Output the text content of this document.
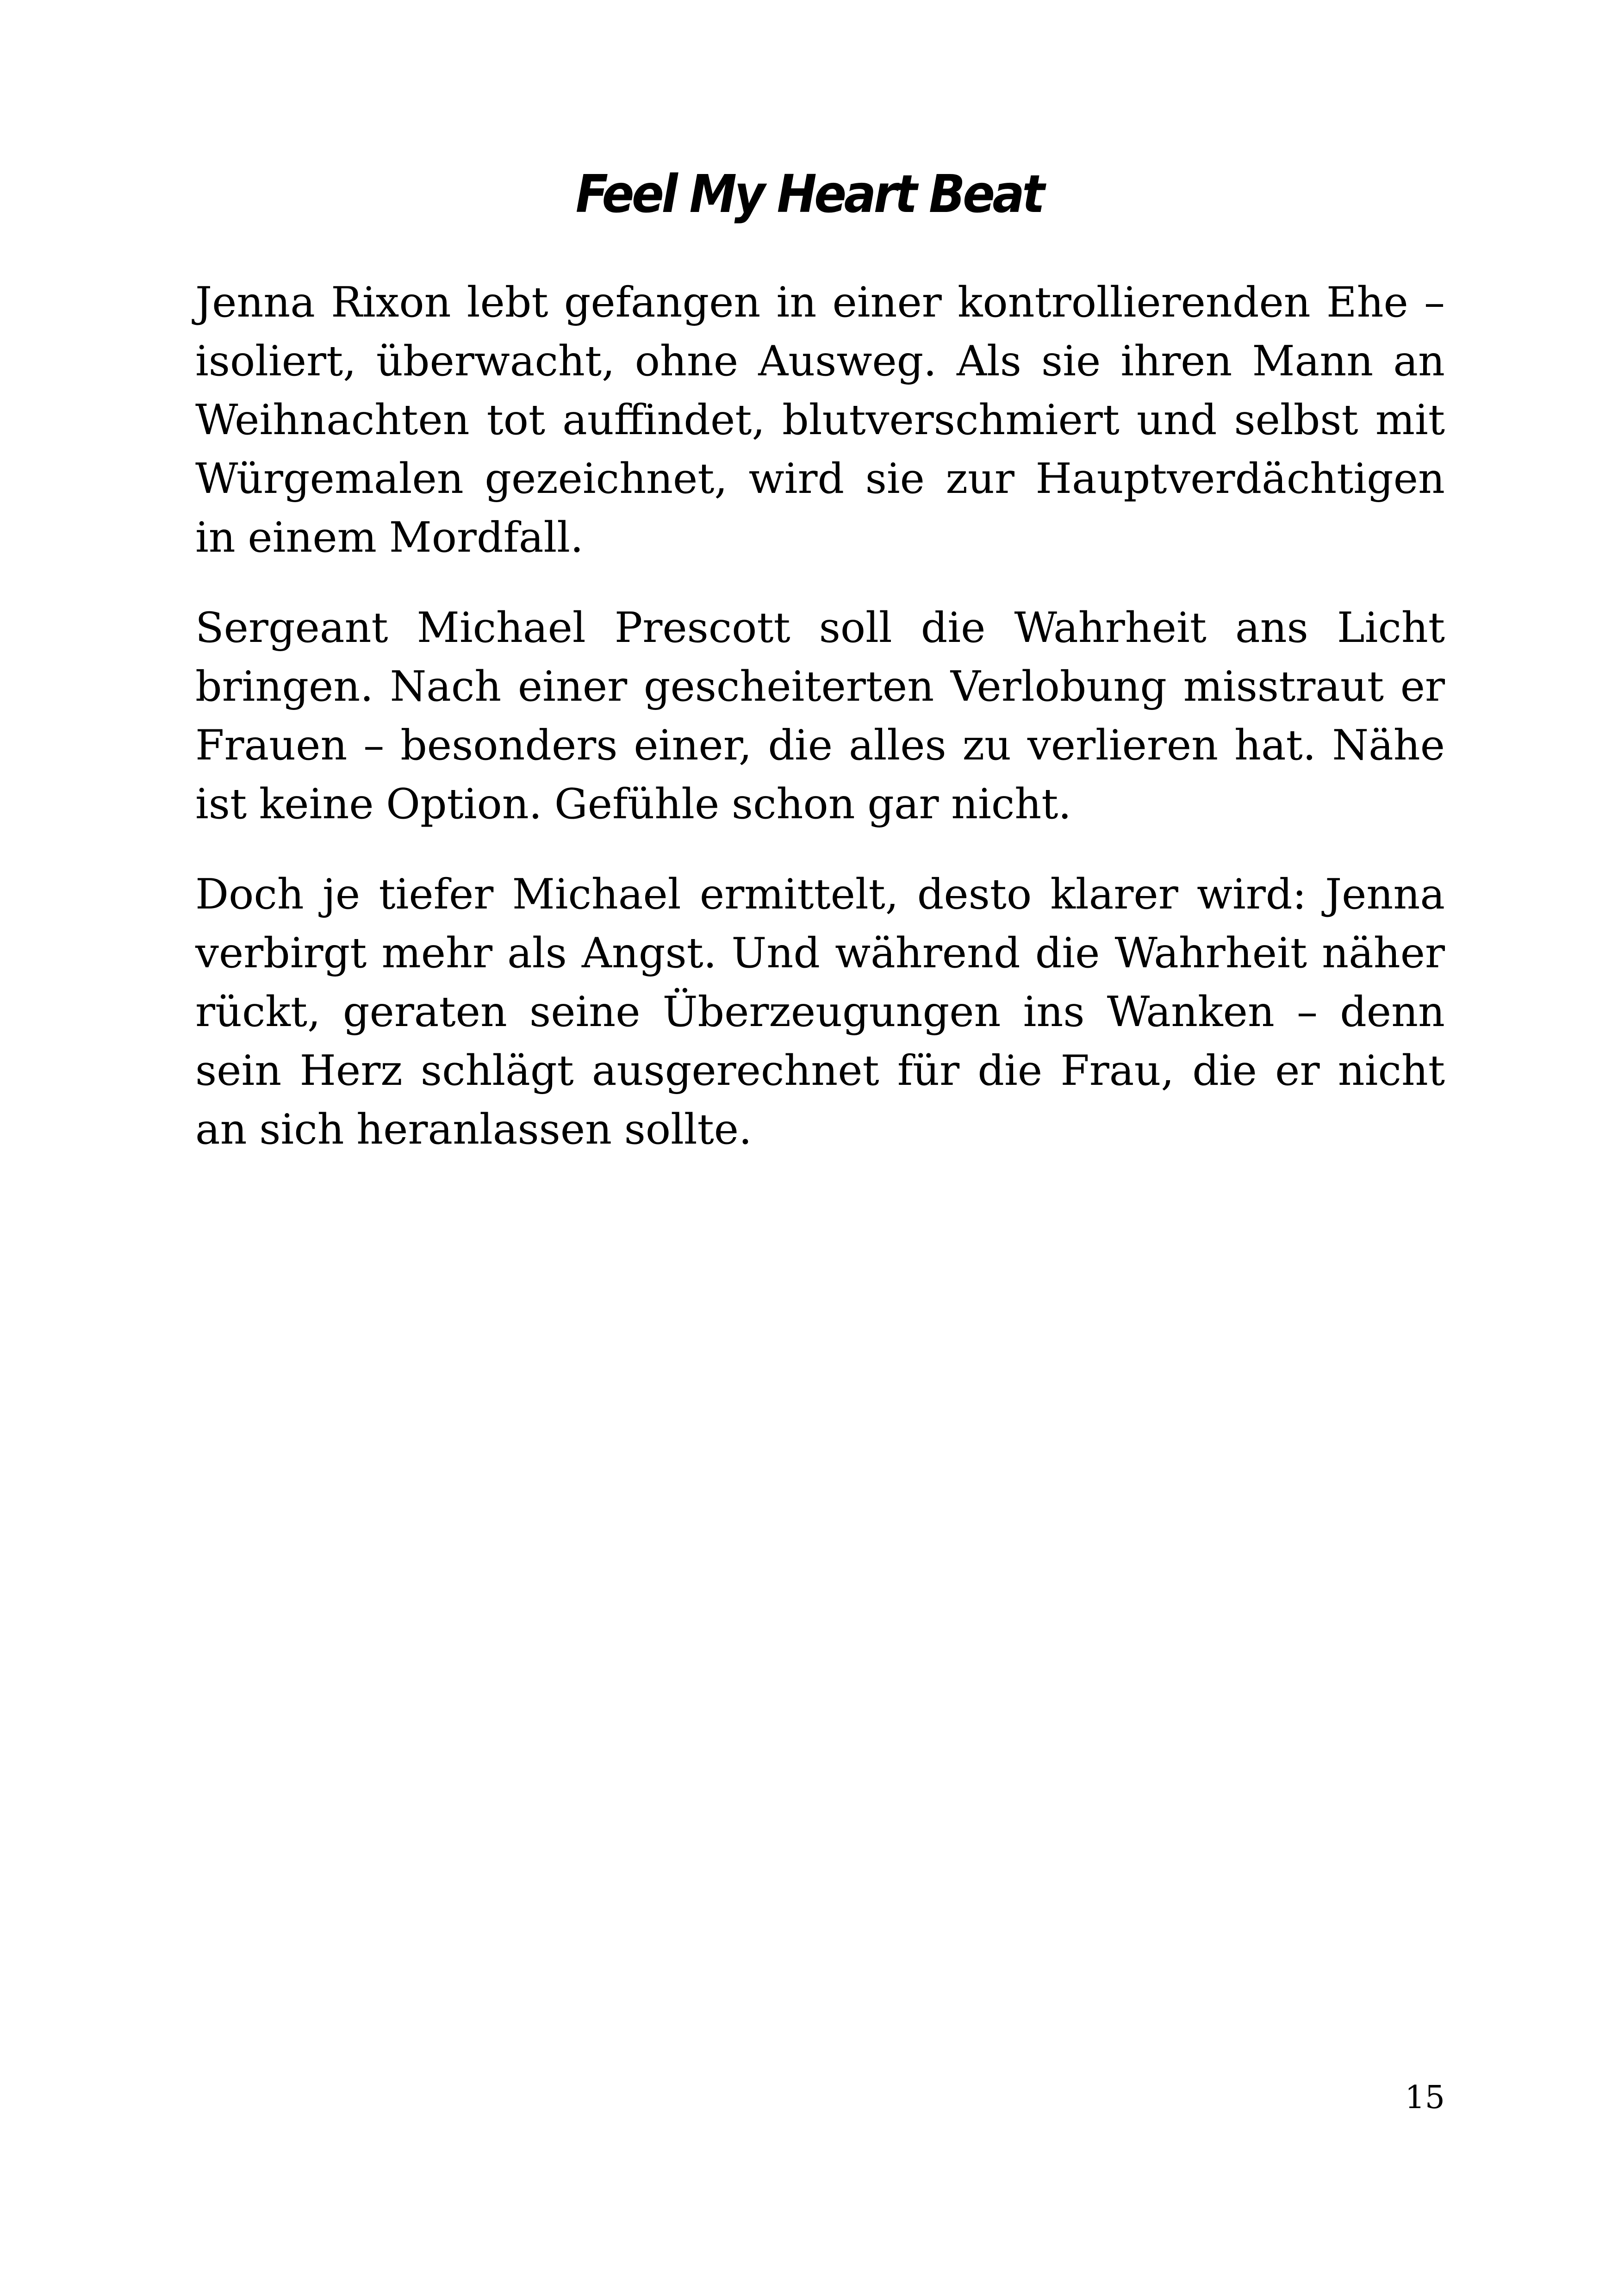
Feel My Heart Beat

Jenna Rixon lebt gefangen in einer kontrollierenden Ehe – isoliert, überwacht, ohne Ausweg. Als sie ihren Mann an Weihnachten tot auffindet, blutverschmiert und selbst mit Würgemalen gezeichnet, wird sie zur Hauptverdächtigen in einem Mordfall.

Sergeant Michael Prescott soll die Wahrheit ans Licht bringen. Nach einer gescheiterten Verlobung misstraut er Frauen – besonders einer, die alles zu verlieren hat. Nähe ist keine Option. Gefühle schon gar nicht.

Doch je tiefer Michael ermittelt, desto klarer wird: Jenna verbirgt mehr als Angst. Und während die Wahrheit näher rückt, geraten seine Überzeugungen ins Wanken – denn sein Herz schlägt ausgerechnet für die Frau, die er nicht an sich heranlassen sollte.

15
